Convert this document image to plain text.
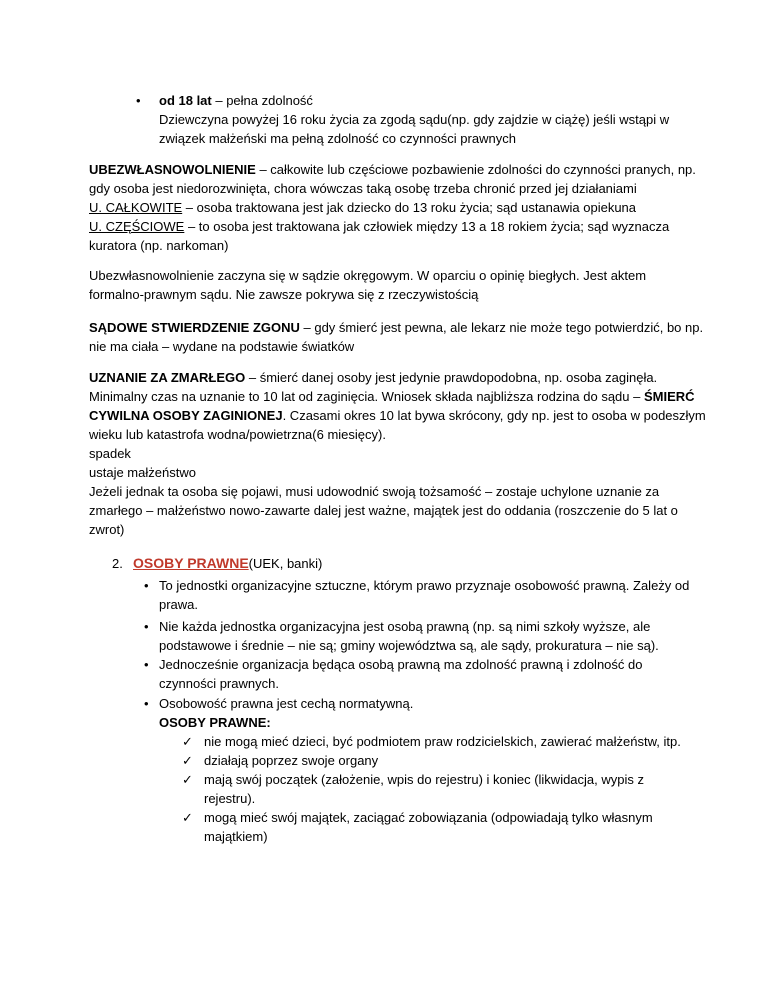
• od 18 lat – pełna zdolność
Dziewczyna powyżej 16 roku życia za zgodą sądu(np. gdy zajdzie w ciążę) jeśli wstąpi w
związek małżeński ma pełną zdolność co czynności prawnych
UBEZWŁASNOWOLNIENIE – całkowite lub częściowe pozbawienie zdolności do czynności pranych, np.
gdy osoba jest niedorozwinięta, chora wówczas taką osobę trzeba chronić przed jej działaniami
U. CAŁKOWITE – osoba traktowana jest jak dziecko do 13 roku życia; sąd ustanawia opiekuna
U. CZĘŚCIOWE – to osoba jest traktowana jak człowiek między 13 a 18 rokiem życia; sąd wyznacza
kuratora (np. narkoman)
Ubezwłasnowolnienie zaczyna się w sądzie okręgowym. W oparciu o opinię biegłych. Jest aktem
formalno-prawnym sądu. Nie zawsze pokrywa się z rzeczywistością
SĄDOWE STWIERDZENIE ZGONU – gdy śmierć jest pewna, ale lekarz nie może tego potwierdzić, bo np.
nie ma ciała – wydane na podstawie światków
UZNANIE ZA ZMARŁEGO – śmierć danej osoby jest jedynie prawdopodobna, np. osoba zaginęła.
Minimalny czas na uznanie to 10 lat od zaginięcia. Wniosek składa najbliższa rodzina do sądu – ŚMIERĆ
CYWILNA OSOBY ZAGINIONEJ. Czasami okres 10 lat bywa skrócony, gdy np. jest to osoba w podeszłym
wieku lub katastrofa wodna/powietrzna(6 miesięcy).
spadek
ustaje małżeństwo
Jeżeli jednak ta osoba się pojawi, musi udowodnić swoją tożsamość – zostaje uchylone uznanie za
zmarłego – małżeństwo nowo-zawarte dalej jest ważne, majątek jest do oddania (roszczenie do 5 lat o
zwrot)
2. OSOBY PRAWNE(UEK, banki)
• To jednostki organizacyjne sztuczne, którym prawo przyznaje osobowość prawną. Zależy od
prawa.
• Nie każda jednostka organizacyjna jest osobą prawną (np. są nimi szkoły wyższe, ale
podstawowe i średnie – nie są; gminy województwa są, ale sądy, prokuratura – nie są).
• Jednocześnie organizacja będąca osobą prawną ma zdolność prawną i zdolność do
czynności prawnych.
• Osobowość prawna jest cechą normatywną.
OSOBY PRAWNE:
✓ nie mogą mieć dzieci, być podmiotem praw rodzicielskich, zawierać małżeństw, itp.
✓ działają poprzez swoje organy
✓ mają swój początek (założenie, wpis do rejestru) i koniec (likwidacja, wypis z
rejestru).
✓ mogą mieć swój majątek, zaciągać zobowiązania (odpowiadają tylko własnym
majątkiem)
